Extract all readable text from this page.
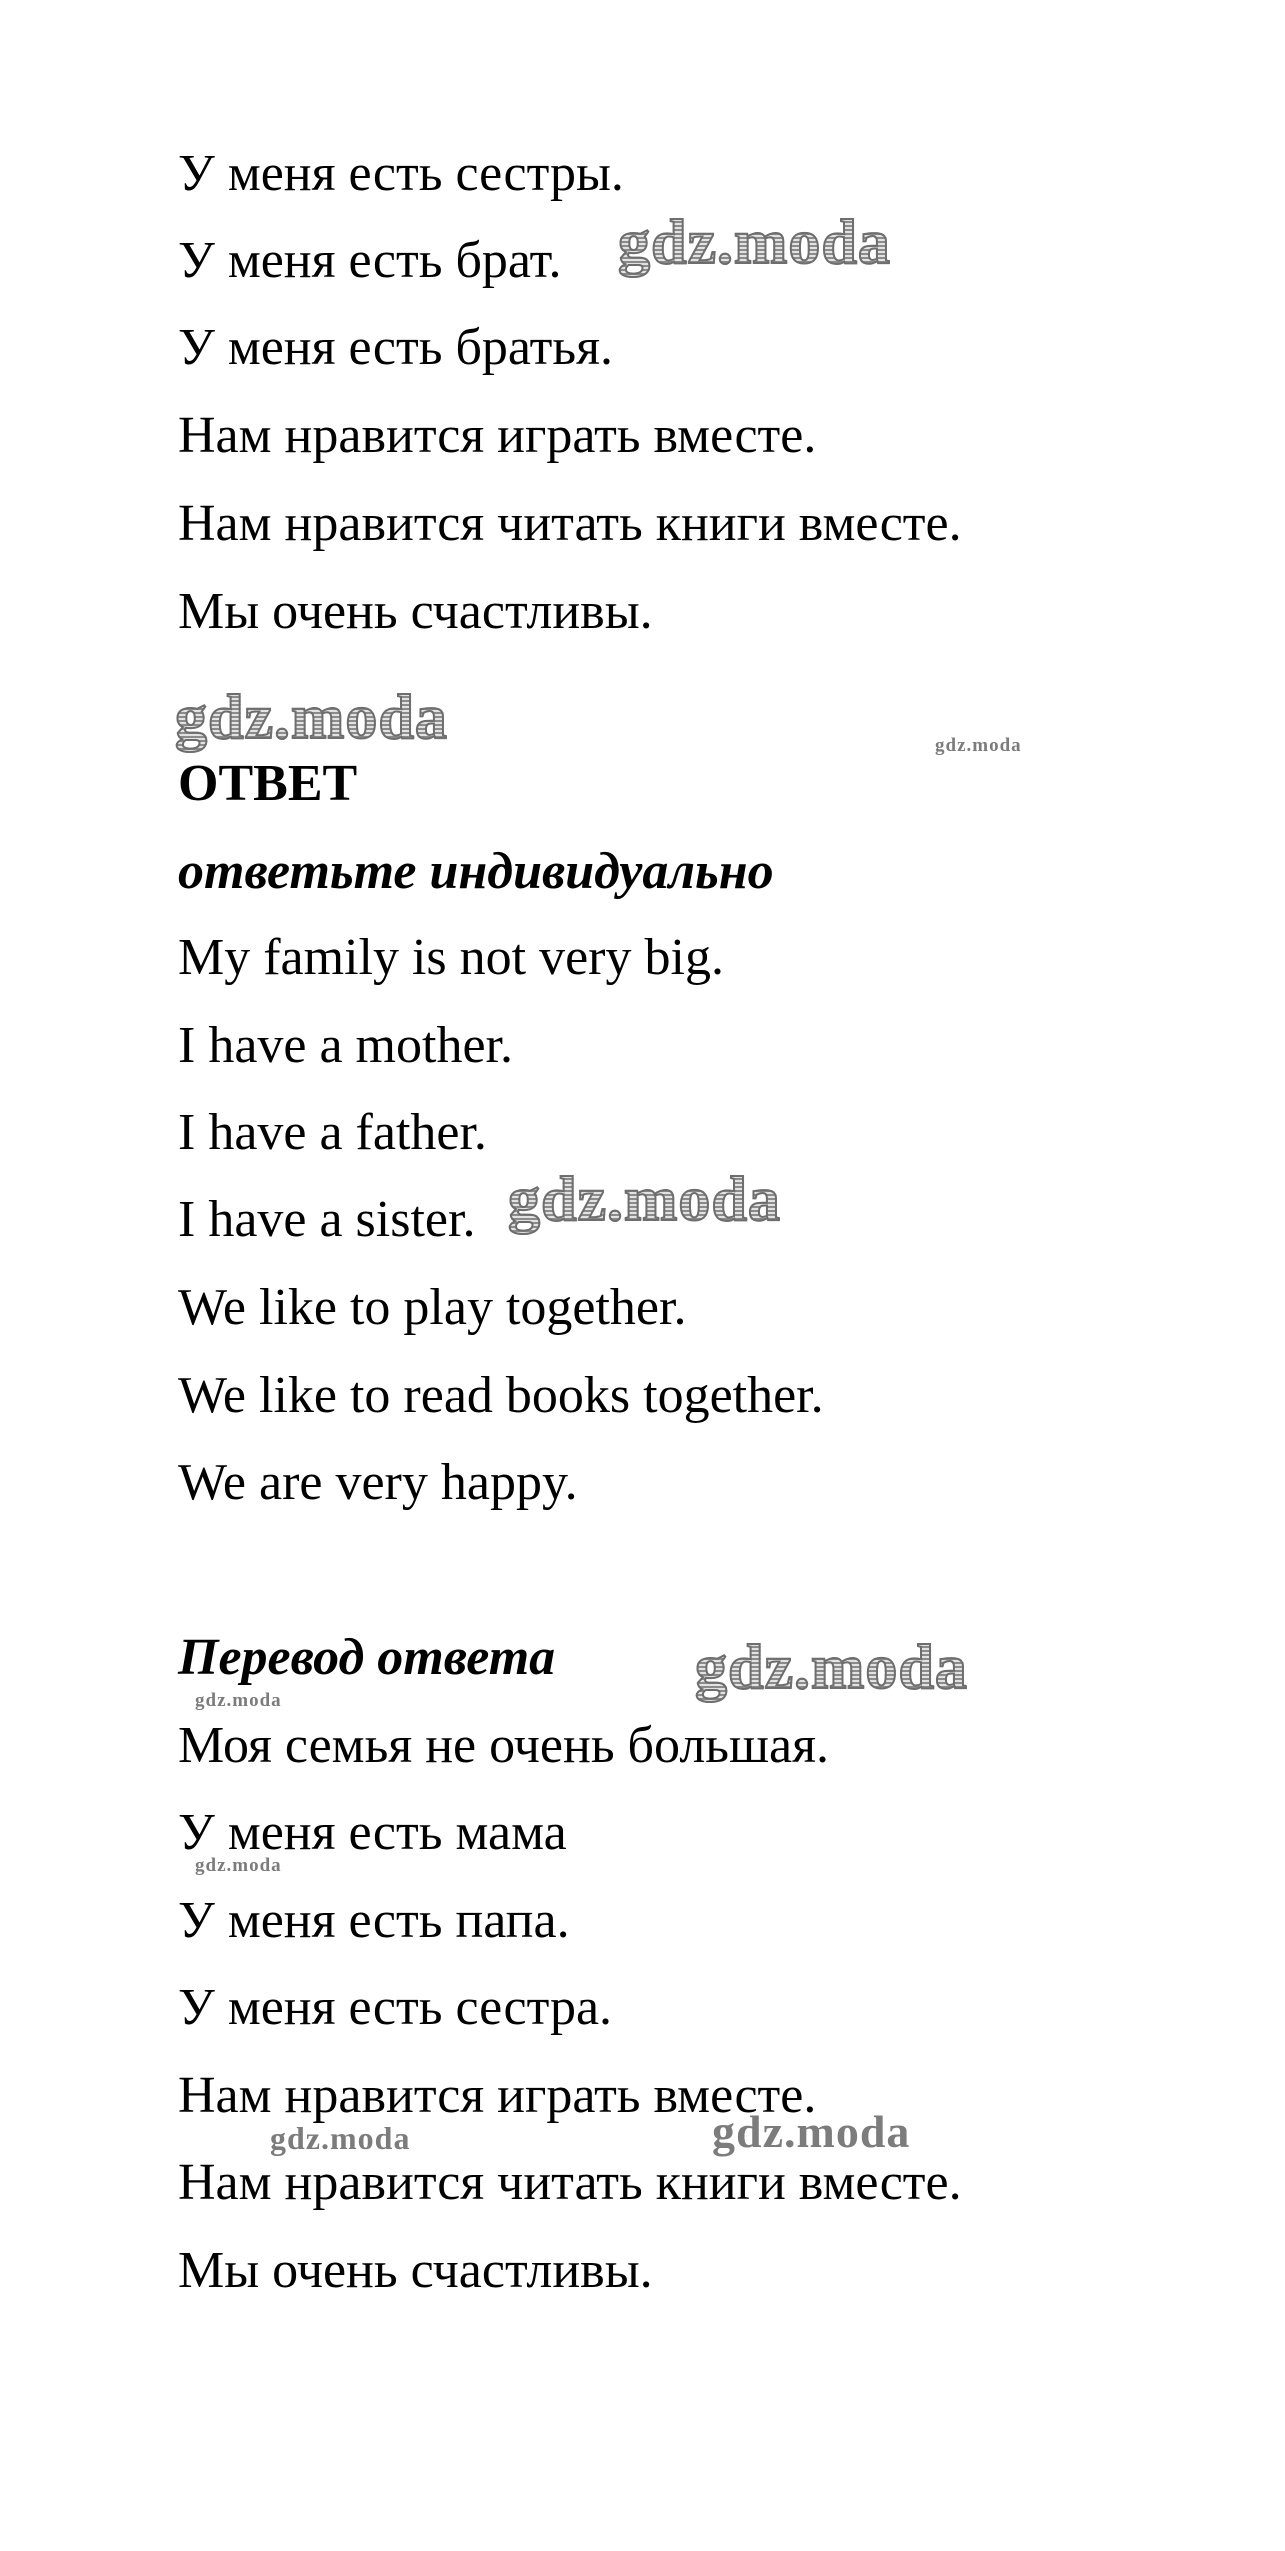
У меня есть сестры.
У меня есть брат.
У меня есть братья.
Нам нравится играть вместе.
Нам нравится читать книги вместе.
Мы очень счастливы.
ОТВЕТ
ответьте индивидуально
My family is not very big.
I have a mother.
I have a father.
I have a sister.
We like to play together.
We like to read books together.
We are very happy.
Перевод ответа
Моя семья не очень большая.
У меня есть мама
У меня есть папа.
У меня есть сестра.
Нам нравится играть вместе.
Нам нравится читать книги вместе.
Мы очень счастливы.
gdz.moda
gdz.moda	gdz.moda
gdz.moda
gdz.moda
gdz.moda
gdz.moda
gdz.moda	gdz.moda
